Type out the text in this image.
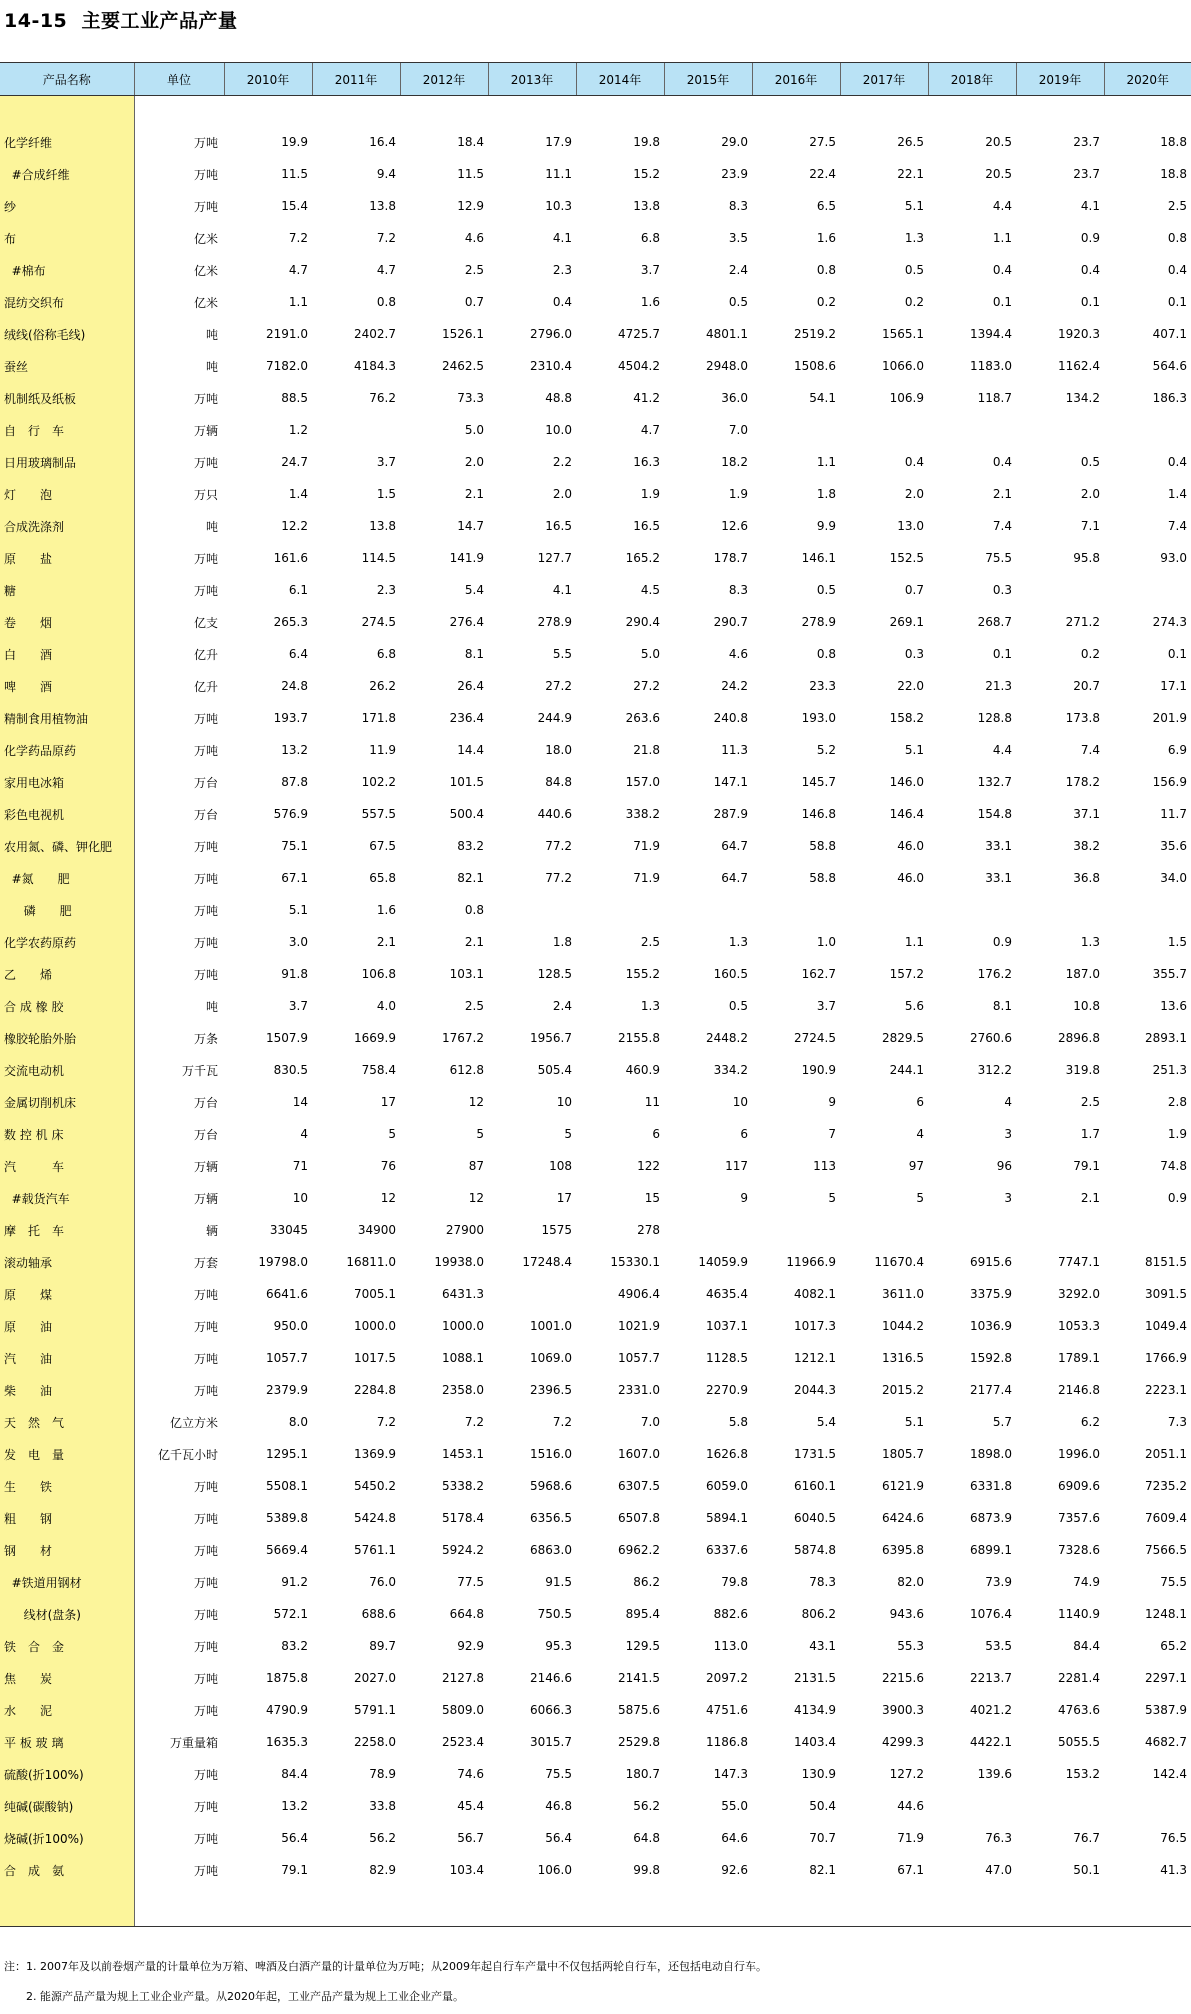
14-15  主要工业产品产量
产品名称	单位	2010年	2011年	2012年	2013年	2014年	2015年	2016年	2017年	2018年	2019年	2020年

化学纤维	万吨	19.9	16.4	18.4	17.9	19.8	29.0	27.5	26.5	20.5	23.7	18.8
#合成纤维	万吨	11.5	9.4	11.5	11.1	15.2	23.9	22.4	22.1	20.5	23.7	18.8
纱	万吨	15.4	13.8	12.9	10.3	13.8	8.3	6.5	5.1	4.4	4.1	2.5
布	亿米	7.2	7.2	4.6	4.1	6.8	3.5	1.6	1.3	1.1	0.9	0.8
#棉布	亿米	4.7	4.7	2.5	2.3	3.7	2.4	0.8	0.5	0.4	0.4	0.4
混纺交织布	亿米	1.1	0.8	0.7	0.4	1.6	0.5	0.2	0.2	0.1	0.1	0.1
绒线(俗称毛线)	吨	2191.0	2402.7	1526.1	2796.0	4725.7	4801.1	2519.2	1565.1	1394.4	1920.3	407.1
蚕丝	吨	7182.0	4184.3	2462.5	2310.4	4504.2	2948.0	1508.6	1066.0	1183.0	1162.4	564.6
机制纸及纸板	万吨	88.5	76.2	73.3	48.8	41.2	36.0	54.1	106.9	118.7	134.2	186.3
自　行　车	万辆	1.2		5.0	10.0	4.7	7.0					
日用玻璃制品	万吨	24.7	3.7	2.0	2.2	16.3	18.2	1.1	0.4	0.4	0.5	0.4
灯　　泡	万只	1.4	1.5	2.1	2.0	1.9	1.9	1.8	2.0	2.1	2.0	1.4
合成洗涤剂	吨	12.2	13.8	14.7	16.5	16.5	12.6	9.9	13.0	7.4	7.1	7.4
原　　盐	万吨	161.6	114.5	141.9	127.7	165.2	178.7	146.1	152.5	75.5	95.8	93.0
糖	万吨	6.1	2.3	5.4	4.1	4.5	8.3	0.5	0.7	0.3		
卷　　烟	亿支	265.3	274.5	276.4	278.9	290.4	290.7	278.9	269.1	268.7	271.2	274.3
白　　酒	亿升	6.4	6.8	8.1	5.5	5.0	4.6	0.8	0.3	0.1	0.2	0.1
啤　　酒	亿升	24.8	26.2	26.4	27.2	27.2	24.2	23.3	22.0	21.3	20.7	17.1
精制食用植物油	万吨	193.7	171.8	236.4	244.9	263.6	240.8	193.0	158.2	128.8	173.8	201.9
化学药品原药	万吨	13.2	11.9	14.4	18.0	21.8	11.3	5.2	5.1	4.4	7.4	6.9
家用电冰箱	万台	87.8	102.2	101.5	84.8	157.0	147.1	145.7	146.0	132.7	178.2	156.9
彩色电视机	万台	576.9	557.5	500.4	440.6	338.2	287.9	146.8	146.4	154.8	37.1	11.7
农用氮、磷、钾化肥	万吨	75.1	67.5	83.2	77.2	71.9	64.7	58.8	46.0	33.1	38.2	35.6
#氮　　肥	万吨	67.1	65.8	82.1	77.2	71.9	64.7	58.8	46.0	33.1	36.8	34.0
　磷　　肥	万吨	5.1	1.6	0.8								
化学农药原药	万吨	3.0	2.1	2.1	1.8	2.5	1.3	1.0	1.1	0.9	1.3	1.5
乙　　烯	万吨	91.8	106.8	103.1	128.5	155.2	160.5	162.7	157.2	176.2	187.0	355.7
合 成 橡 胶	吨	3.7	4.0	2.5	2.4	1.3	0.5	3.7	5.6	8.1	10.8	13.6
橡胶轮胎外胎	万条	1507.9	1669.9	1767.2	1956.7	2155.8	2448.2	2724.5	2829.5	2760.6	2896.8	2893.1
交流电动机	万千瓦	830.5	758.4	612.8	505.4	460.9	334.2	190.9	244.1	312.2	319.8	251.3
金属切削机床	万台	14	17	12	10	11	10	9	6	4	2.5	2.8
数 控 机 床	万台	4	5	5	5	6	6	7	4	3	1.7	1.9
汽　　　车	万辆	71	76	87	108	122	117	113	97	96	79.1	74.8
#载货汽车	万辆	10	12	12	17	15	9	5	5	3	2.1	0.9
摩　托　车	辆	33045	34900	27900	1575	278						
滚动轴承	万套	19798.0	16811.0	19938.0	17248.4	15330.1	14059.9	11966.9	11670.4	6915.6	7747.1	8151.5
原　　煤	万吨	6641.6	7005.1	6431.3		4906.4	4635.4	4082.1	3611.0	3375.9	3292.0	3091.5
原　　油	万吨	950.0	1000.0	1000.0	1001.0	1021.9	1037.1	1017.3	1044.2	1036.9	1053.3	1049.4
汽　　油	万吨	1057.7	1017.5	1088.1	1069.0	1057.7	1128.5	1212.1	1316.5	1592.8	1789.1	1766.9
柴　　油	万吨	2379.9	2284.8	2358.0	2396.5	2331.0	2270.9	2044.3	2015.2	2177.4	2146.8	2223.1
天　然　气	亿立方米	8.0	7.2	7.2	7.2	7.0	5.8	5.4	5.1	5.7	6.2	7.3
发　电　量	亿千瓦小时	1295.1	1369.9	1453.1	1516.0	1607.0	1626.8	1731.5	1805.7	1898.0	1996.0	2051.1
生　　铁	万吨	5508.1	5450.2	5338.2	5968.6	6307.5	6059.0	6160.1	6121.9	6331.8	6909.6	7235.2
粗　　钢	万吨	5389.8	5424.8	5178.4	6356.5	6507.8	5894.1	6040.5	6424.6	6873.9	7357.6	7609.4
钢　　材	万吨	5669.4	5761.1	5924.2	6863.0	6962.2	6337.6	5874.8	6395.8	6899.1	7328.6	7566.5
#铁道用钢材	万吨	91.2	76.0	77.5	91.5	86.2	79.8	78.3	82.0	73.9	74.9	75.5
　线材(盘条)	万吨	572.1	688.6	664.8	750.5	895.4	882.6	806.2	943.6	1076.4	1140.9	1248.1
铁　合　金	万吨	83.2	89.7	92.9	95.3	129.5	113.0	43.1	55.3	53.5	84.4	65.2
焦　　炭	万吨	1875.8	2027.0	2127.8	2146.6	2141.5	2097.2	2131.5	2215.6	2213.7	2281.4	2297.1
水　　泥	万吨	4790.9	5791.1	5809.0	6066.3	5875.6	4751.6	4134.9	3900.3	4021.2	4763.6	5387.9
平 板 玻 璃	万重量箱	1635.3	2258.0	2523.4	3015.7	2529.8	1186.8	1403.4	4299.3	4422.1	5055.5	4682.7
硫酸(折100%)	万吨	84.4	78.9	74.6	75.5	180.7	147.3	130.9	127.2	139.6	153.2	142.4
纯碱(碳酸钠)	万吨	13.2	33.8	45.4	46.8	56.2	55.0	50.4	44.6			
烧碱(折100%)	万吨	56.4	56.2	56.7	56.4	64.8	64.6	70.7	71.9	76.3	76.7	76.5
合　成　氨	万吨	79.1	82.9	103.4	106.0	99.8	92.6	82.1	67.1	47.0	50.1	41.3

注：1. 2007年及以前卷烟产量的计量单位为万箱、啤酒及白酒产量的计量单位为万吨；从2009年起自行车产量中不仅包括两轮自行车，还包括电动自行车。
　　2. 能源产品产量为规上工业企业产量。从2020年起，工业产品产量为规上工业企业产量。
